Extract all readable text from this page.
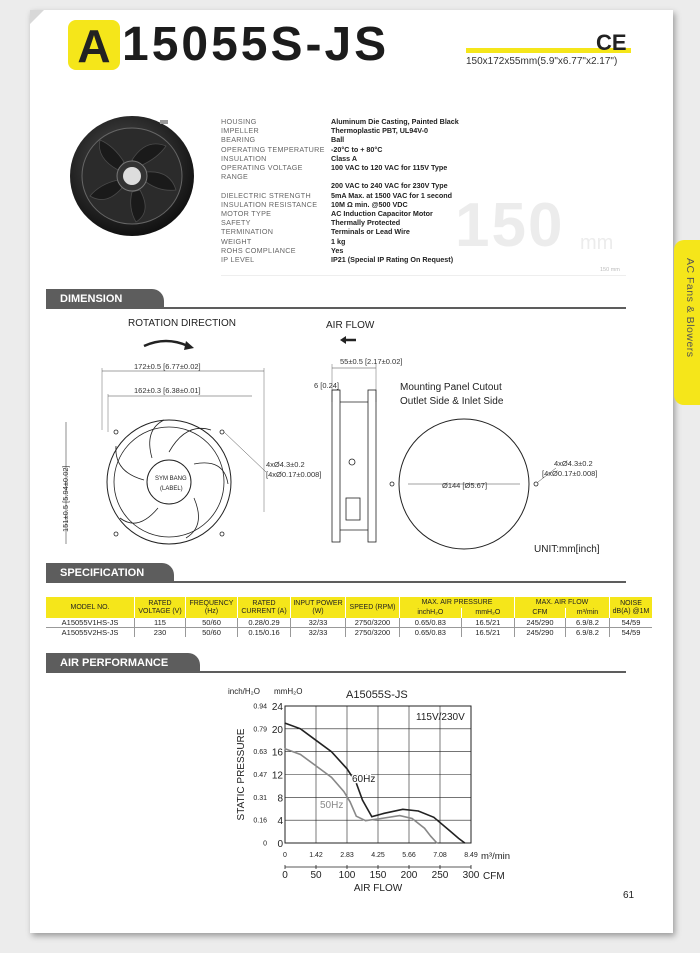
AC Fans & Blowers
A 15055S-JS	CE
150x172x55mm(5.9"x6.77"x2.17")
HOUSING	Aluminum Die Casting, Painted Black
IMPELLER	Thermoplastic PBT, UL94V-0
BEARING	Ball
OPERATING TEMPERATURE -20°C to + 80°C
INSULATION	Class A
OPERATING VOLTAGE RANGE
100 VAC to 120 VAC for 115V Type
200 VAC to 240 VAC for 230V Type
DIELECTRIC STRENGTH	5mA Max. at 1500 VAC for 1 second
INSULATION RESISTANCE	10M Ω min. @500 VDC
MOTOR TYPE	AC Induction Capacitor Motor
SAFETY	Thermally Protected
TERMINATION	Terminals or Lead Wire
WEIGHT	1 kg
ROHS COMPLIANCE	Yes
IP LEVEL	IP21 (Special IP Rating On Request) 150 mm
150 mm
DIMENSION
ROTATION DIRECTION	AIR FLOW
172±0.5 [6.77±0.02]
162±0.3 [6.38±0.01]
151±0.5 [5.94±0.02]	SYM BANG
(LABEL)
4xØ4.3±0.2
[4xØ0.17±0.008]
55±0.5 [2.17±0.02]
6 [0.24]	Mounting Panel Cutout
Outlet Side & Inlet Side
Ø144 [Ø5.67]
4xØ4.3±0.2
[4xØ0.17±0.008]
UNIT:mm[inch]
SPECIFICATION
MODEL NO.	RATED VOLTAGE (V)	FREQUENCY (Hz)	RATED CURRENT (A)	INPUT POWER (W)	SPEED (RPM)	MAX. AIR PRESSURE		MAX. AIR FLOW		NOISE dB(A) @1M
						inchH₂O	mmH₂O	CFM	m³/min	
A15055V1HS-JS	115	50/60	0.28/0.29	32/33	2750/3200	0.65/0.83	16.5/21	245/290	6.9/8.2	54/59
A15055V2HS-JS	230	50/60	0.15/0.16	32/33	2750/3200	0.65/0.83	16.5/21	245/290	6.9/8.2	54/59
AIR PERFORMANCE
0
0
1.42
50
2.83
100
4.25
150
5.66
200
7.08
250
8.49
300
0
0
4
0.16
8
0.31
12
0.47
16
0.63
20
0.79
24
0.94
A15055S-JS
115V/230V
inch/H₂O mmH₂O
m³/min
CFM
AIR FLOW
STATIC PRESSURE	60Hz
50Hz
61
